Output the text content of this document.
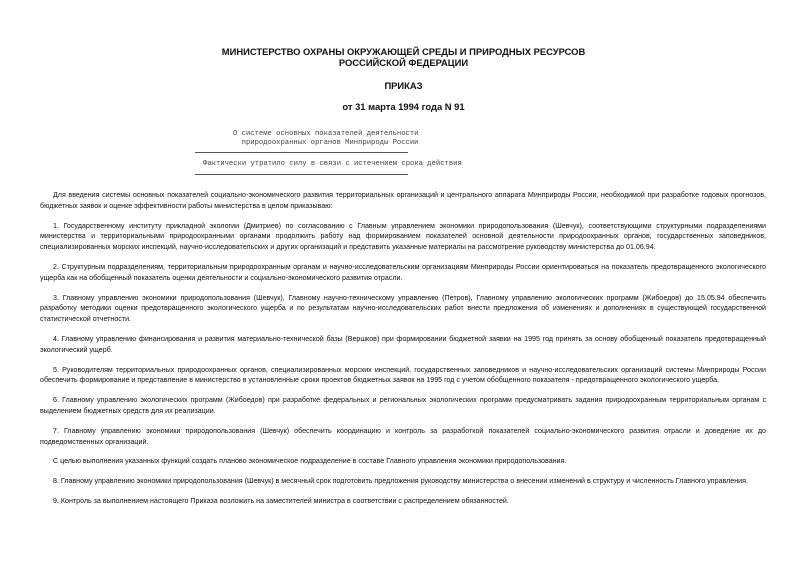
МИНИСТЕРСТВО ОХРАНЫ ОКРУЖАЮЩЕЙ СРЕДЫ И ПРИРОДНЫХ РЕСУРСОВ
РОССИЙСКОЙ ФЕДЕРАЦИИ
ПРИКАЗ
от 31 марта 1994 года N 91
О системе основных показателей деятельности
природоохранных органов Минприроды России
Фактически утратило силу в связи с истечением срока действия

Для введения системы основных показателей социально-экономического развития территориальных организаций и центрального аппарата Минприроды России, необходимой при разработке годовых прогнозов, бюджетных заявок и оценке эффективности работы министерства в целом приказываю:

1. Государственному институту прикладной экологии (Дмитриев) по согласованию с Главным управлением экономики природопользования (Шевчук), соответствующими структурными подразделениями министерства и территориальными природоохранными органами продолжить работу над формированием показателей основной деятельности природоохранных органов, государственных заповедников, специализированных морских инспекций, научно-исследовательских и других организаций и представить указанные материалы на рассмотрение руководству министерства до 01.06.94.

2. Структурным подразделениям, территориальным природоохранным органам и научно-исследовательским организациям Минприроды России ориентироваться на показатель предотвращенного экологического ущерба как на обобщенный показатель оценки деятельности и социально-экономического развития отрасли.

3. Главному управлению экономики природопользования (Шевчук), Главному научно-техническому управлению (Петров), Главному управлению экологических программ (Жибоедов) до 15.05.94 обеспечить разработку методики оценки предотвращенного экологического ущерба и по результатам научно-исследовательских работ внести предложения об изменениях и дополнениях в существующей государственной статистической отчетности.

4. Главному управлению финансирования и развития материально-технической базы (Вершков) при формировании бюджетной заявки на 1995 год принять за основу обобщенный показатель предотвращенный экологический ущерб.

5. Руководителям территориальных природоохранных органов, специализированных морских инспекций, государственных заповедников и научно-исследовательских организаций системы Минприроды России обеспечить формирование и представление в министерство в установленные сроки проектов бюджетных заявок на 1995 год с учетом обобщенного показателя - предотвращенного экологического ущерба.

6. Главному управлению экологических программ (Жибоедов) при разработке федеральных и региональных экологических программ предусматривать задания природоохранным территориальным органам с выделением бюджетных средств для их реализации.

7. Главному управлению экономики природопользования (Шевчук) обеспечить координацию и контроль за разработкой показателей социально-экономического развития отрасли и доведение их до подведомственных организаций.

С целью выполнения указанных функций создать планово экономическое подразделение в составе Главного управления экономики природопользования.

8. Главному управлению экономики природопользования (Шевчук) в месячный срок подготовить предложения руководству министерства о внесении изменений в структуру и численность Главного управления.

9. Контроль за выполнением настоящего Приказа возложить на заместителей министра в соответствии с распределением обязанностей.
